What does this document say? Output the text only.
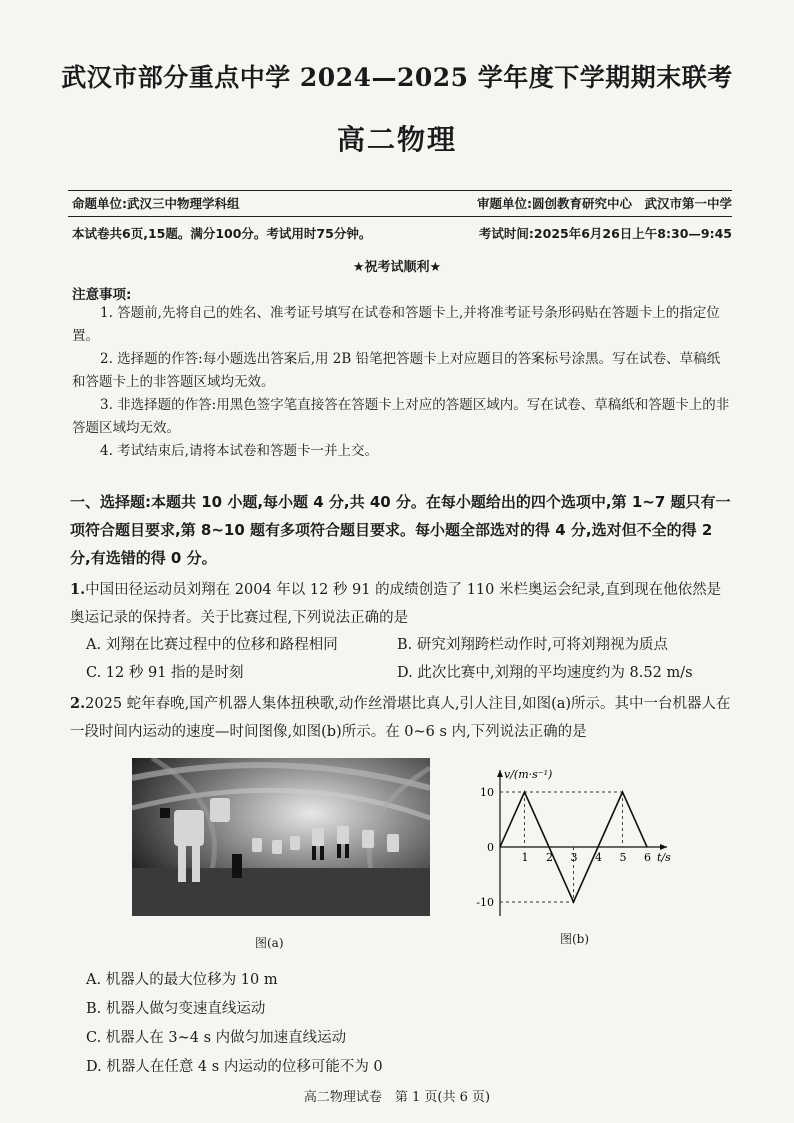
武汉市部分重点中学 2024—2025 学年度下学期期末联考
高二物理
命题单位:武汉三中物理学科组	审题单位:圆创教育研究中心　武汉市第一中学
本试卷共6页,15题。满分100分。考试用时75分钟。	考试时间:2025年6月26日上午8:30—9:45
★祝考试顺利★
注意事项:
1. 答题前,先将自己的姓名、准考证号填写在试卷和答题卡上,并将准考证号条形码贴在答题卡上的指定位置。
2. 选择题的作答:每小题选出答案后,用 2B 铅笔把答题卡上对应题目的答案标号涂黑。写在试卷、草稿纸和答题卡上的非答题区域均无效。
3. 非选择题的作答:用黑色签字笔直接答在答题卡上对应的答题区域内。写在试卷、草稿纸和答题卡上的非答题区域均无效。
4. 考试结束后,请将本试卷和答题卡一并上交。
一、选择题:本题共 10 小题,每小题 4 分,共 40 分。在每小题给出的四个选项中,第 1~7 题只有一项符合题目要求,第 8~10 题有多项符合题目要求。每小题全部选对的得 4 分,选对但不全的得 2 分,有选错的得 0 分。
1.中国田径运动员刘翔在 2004 年以 12 秒 91 的成绩创造了 110 米栏奥运会纪录,直到现在他依然是奥运记录的保持者。关于比赛过程,下列说法正确的是
A. 刘翔在比赛过程中的位移和路程相同	B. 研究刘翔跨栏动作时,可将刘翔视为质点
C. 12 秒 91 指的是时刻	D. 此次比赛中,刘翔的平均速度约为 8.52 m/s
2.2025 蛇年春晚,国产机器人集体扭秧歌,动作丝滑堪比真人,引人注目,如图(a)所示。其中一台机器人在一段时间内运动的速度—时间图像,如图(b)所示。在 0~6 s 内,下列说法正确的是
图(a)
v/(m·s⁻¹)
t/s
1 2 3 4 5 6
10
0
-10
图(b)
A. 机器人的最大位移为 10 m
B. 机器人做匀变速直线运动
C. 机器人在 3~4 s 内做匀加速直线运动
D. 机器人在任意 4 s 内运动的位移可能不为 0
高二物理试卷　第 1 页(共 6 页)
